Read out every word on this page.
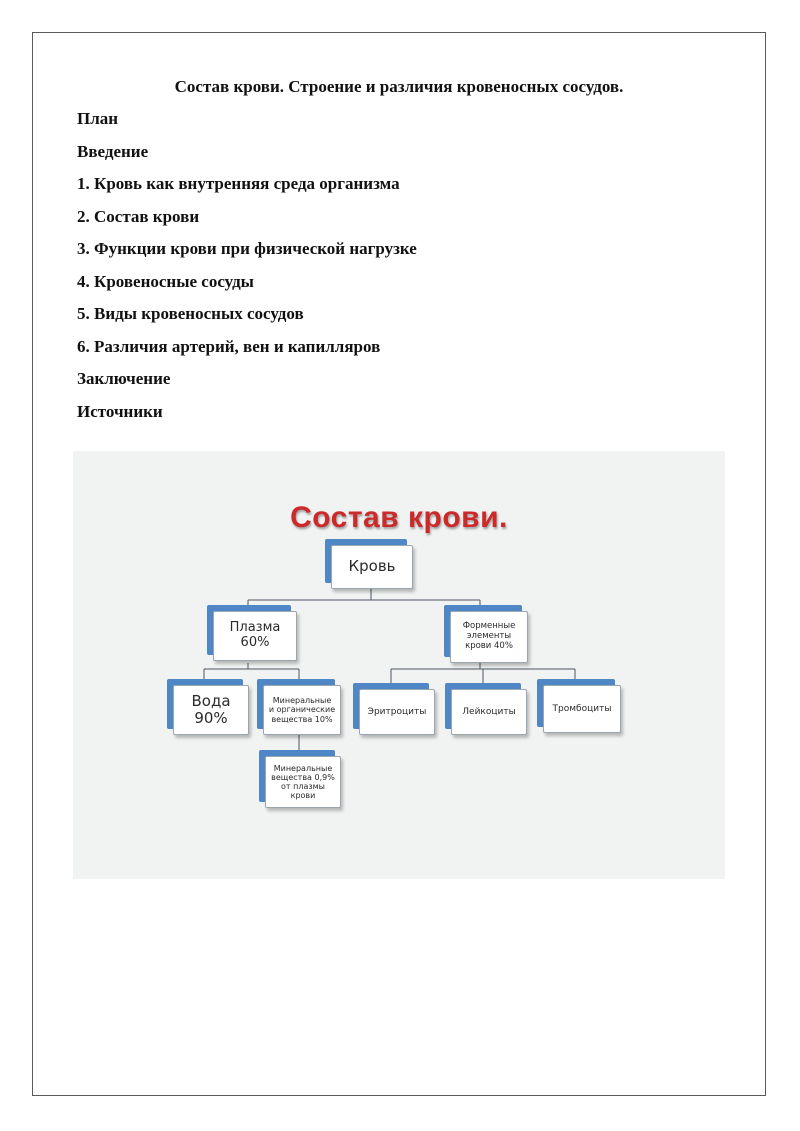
Состав крови. Строение и различия кровеносных сосудов.
План
Введение
1. Кровь как внутренняя среда организма
2. Состав крови
3. Функции крови при физической нагрузке
4. Кровеносные сосуды
5. Виды кровеносных сосудов
6. Различия артерий, вен и капилляров
Заключение
Источники
Состав крови.
Кровь
Плазма
60%
Форменные
элементы
крови 40%
Вода
90%
Минеральные
и органические
вещества 10%
Минеральные
вещества 0,9%
от плазмы
крови
Эритроциты	Лейкоциты	Тромбоциты
